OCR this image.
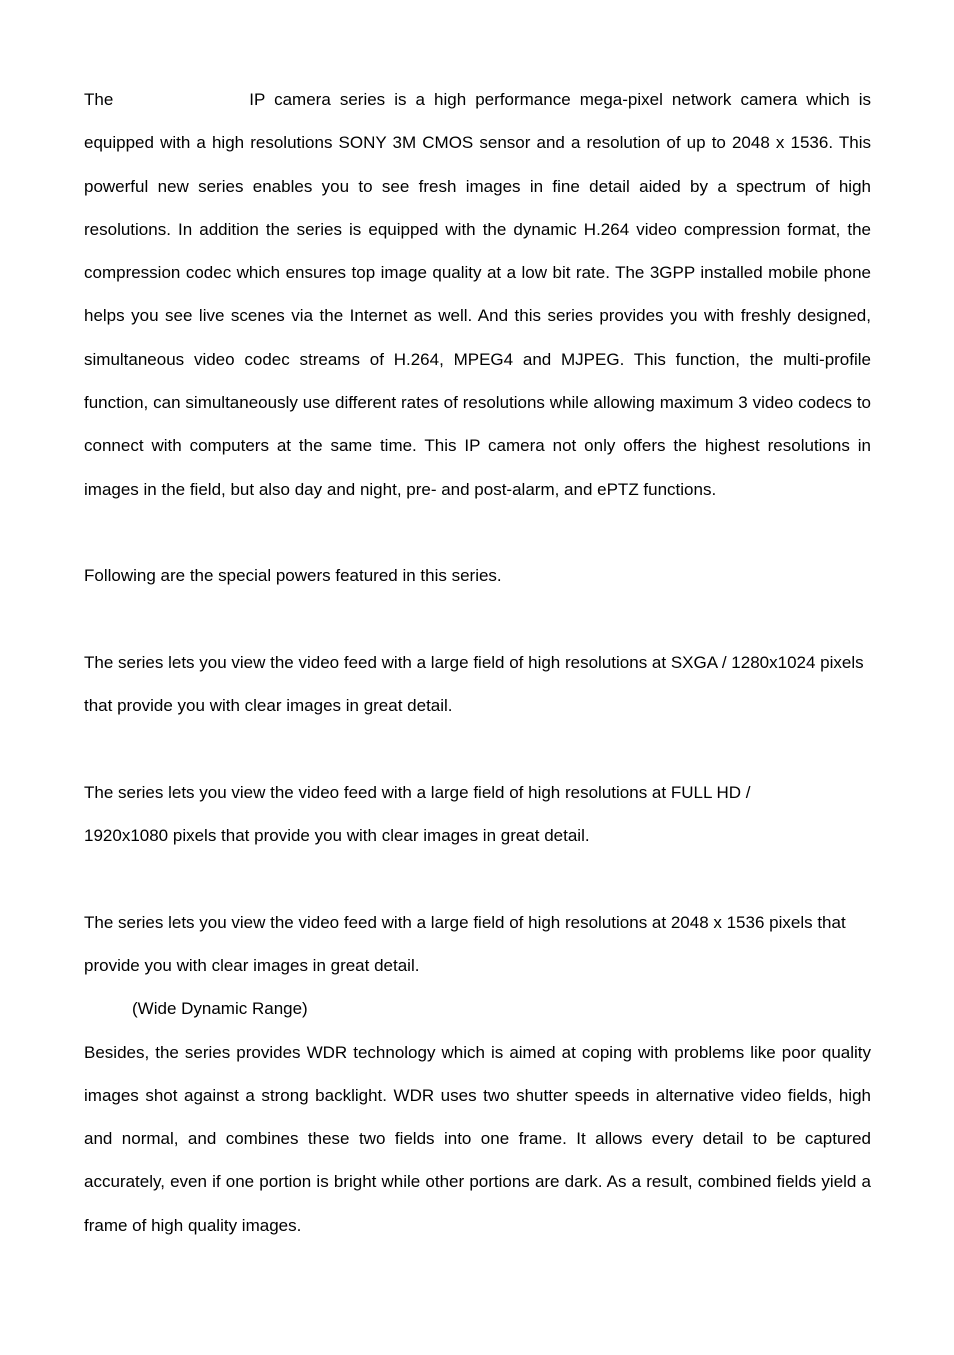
The	IP camera series is a high performance mega-pixel network camera which is equipped with a high resolutions SONY 3M CMOS sensor and a resolution of up to 2048 x 1536. This powerful new series enables you to see fresh images in fine detail aided by a spectrum of high resolutions. In addition the series is equipped with the dynamic H.264 video compression format, the compression codec which ensures top image quality at a low bit rate. The 3GPP installed mobile phone helps you see live scenes via the Internet as well. And this series provides you with freshly designed, simultaneous video codec streams of H.264, MPEG4 and MJPEG. This function, the multi-profile function, can simultaneously use different rates of resolutions while allowing maximum 3 video codecs to connect with computers at the same time. This IP camera not only offers the highest resolutions in images in the field, but also day and night, pre- and post-alarm, and ePTZ functions.

Following are the special powers featured in this series.

The series lets you view the video feed with a large field of high resolutions at SXGA / 1280x1024 pixels that provide you with clear images in great detail.

The series lets you view the video feed with a large field of high resolutions at FULL HD / 1920x1080 pixels that provide you with clear images in great detail.

The series lets you view the video feed with a large field of high resolutions at 2048 x 1536 pixels that provide you with clear images in great detail.

(Wide Dynamic Range)

Besides, the series provides WDR technology which is aimed at coping with problems like poor quality images shot against a strong backlight. WDR uses two shutter speeds in alternative video fields, high and normal, and combines these two fields into one frame. It allows every detail to be captured accurately, even if one portion is bright while other portions are dark. As a result, combined fields yield a frame of high quality images.
